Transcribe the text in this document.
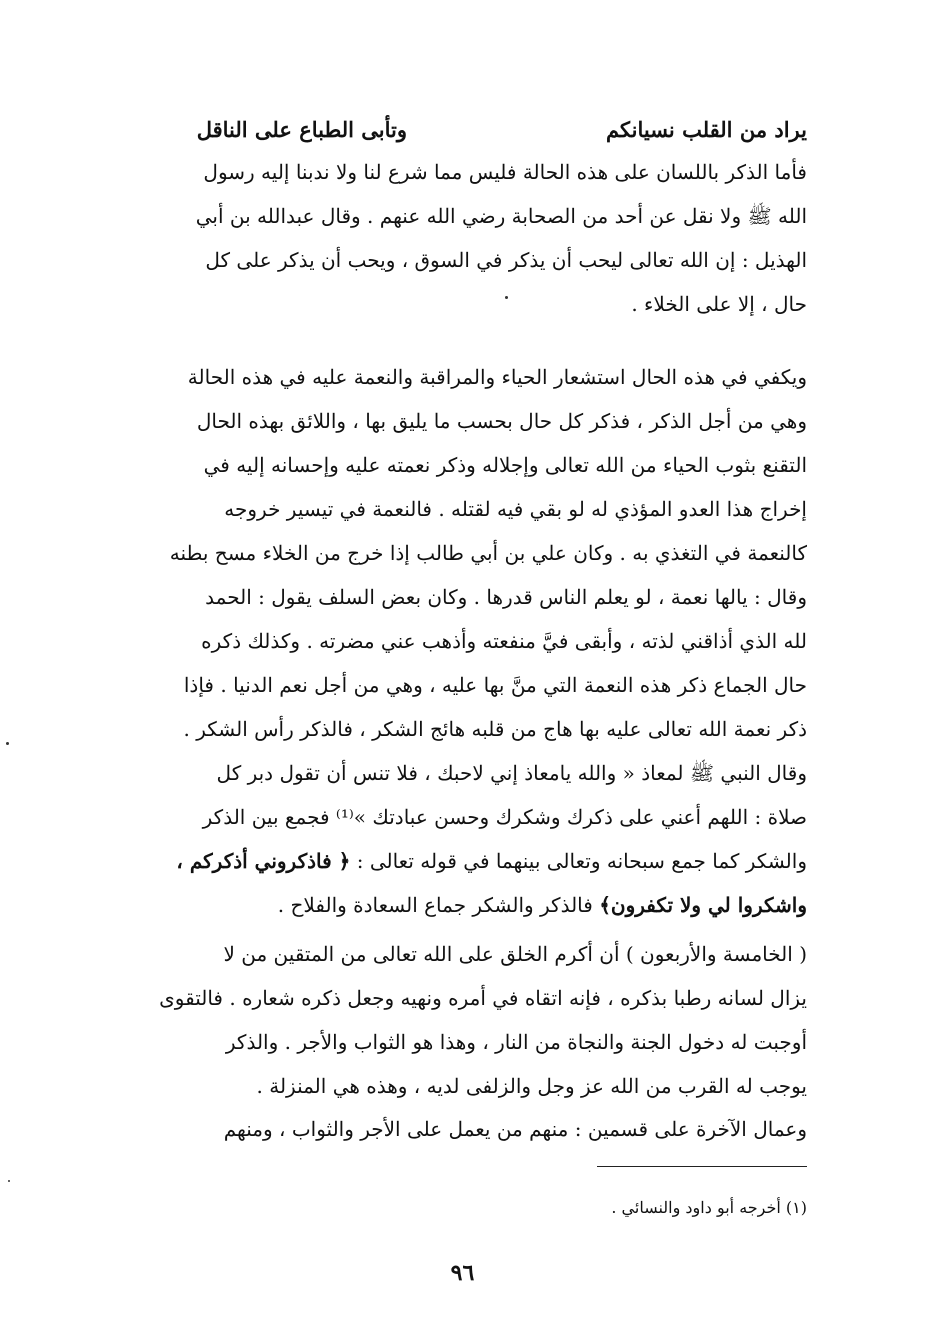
يراد من القلب نسيانكم
وتأبى الطباع على الناقل
فأما الذكر باللسان على هذه الحالة فليس مما شرع لنا ولا ندبنا إليه رسول
الله ﷺ ولا نقل عن أحد من الصحابة رضي الله عنهم . وقال عبدالله بن أبي
الهذيل : إن الله تعالى ليحب أن يذكر في السوق ، ويحب أن يذكر على كل
حال ، إلا على الخلاء .
ويكفي في هذه الحال استشعار الحياء والمراقبة والنعمة عليه في هذه الحالة
وهي من أجل الذكر ، فذكر كل حال بحسب ما يليق بها ، واللائق بهذه الحال
التقنع بثوب الحياء من الله تعالى وإجلاله وذكر نعمته عليه وإحسانه إليه في
إخراج هذا العدو المؤذي له لو بقي فيه لقتله . فالنعمة في تيسير خروجه
كالنعمة في التغذي به . وكان علي بن أبي طالب إذا خرج من الخلاء مسح بطنه
وقال : يالها نعمة ، لو يعلم الناس قدرها . وكان بعض السلف يقول : الحمد
لله الذي أذاقني لذته ، وأبقى فيَّ منفعته وأذهب عني مضرته . وكذلك ذكره
حال الجماع ذكر هذه النعمة التي منَّ بها عليه ، وهي من أجل نعم الدنيا . فإذا
ذكر نعمة الله تعالى عليه بها هاج من قلبه هائج الشكر ، فالذكر رأس الشكر .
وقال النبي ﷺ لمعاذ « والله يامعاذ إني لاحبك ، فلا تنس أن تقول دبر كل
صلاة : اللهم أعني على ذكرك وشكرك وحسن عبادتك »⁽¹⁾ فجمع بين الذكر
والشكر كما جمع سبحانه وتعالى بينهما في قوله تعالى : ﴿ فاذكروني أذكركم ،
واشكروا لي ولا تكفرون﴾ فالذكر والشكر جماع السعادة والفلاح .
( الخامسة والأربعون ) أن أكرم الخلق على الله تعالى من المتقين من لا
يزال لسانه رطبا بذكره ، فإنه اتقاه في أمره ونهيه وجعل ذكره شعاره . فالتقوى
أوجبت له دخول الجنة والنجاة من النار ، وهذا هو الثواب والأجر . والذكر
يوجب له القرب من الله عز وجل والزلفى لديه ، وهذه هي المنزلة .
وعمال الآخرة على قسمين : منهم من يعمل على الأجر والثواب ، ومنهم
(١) أخرجه أبو داود والنسائي .
٩٦
